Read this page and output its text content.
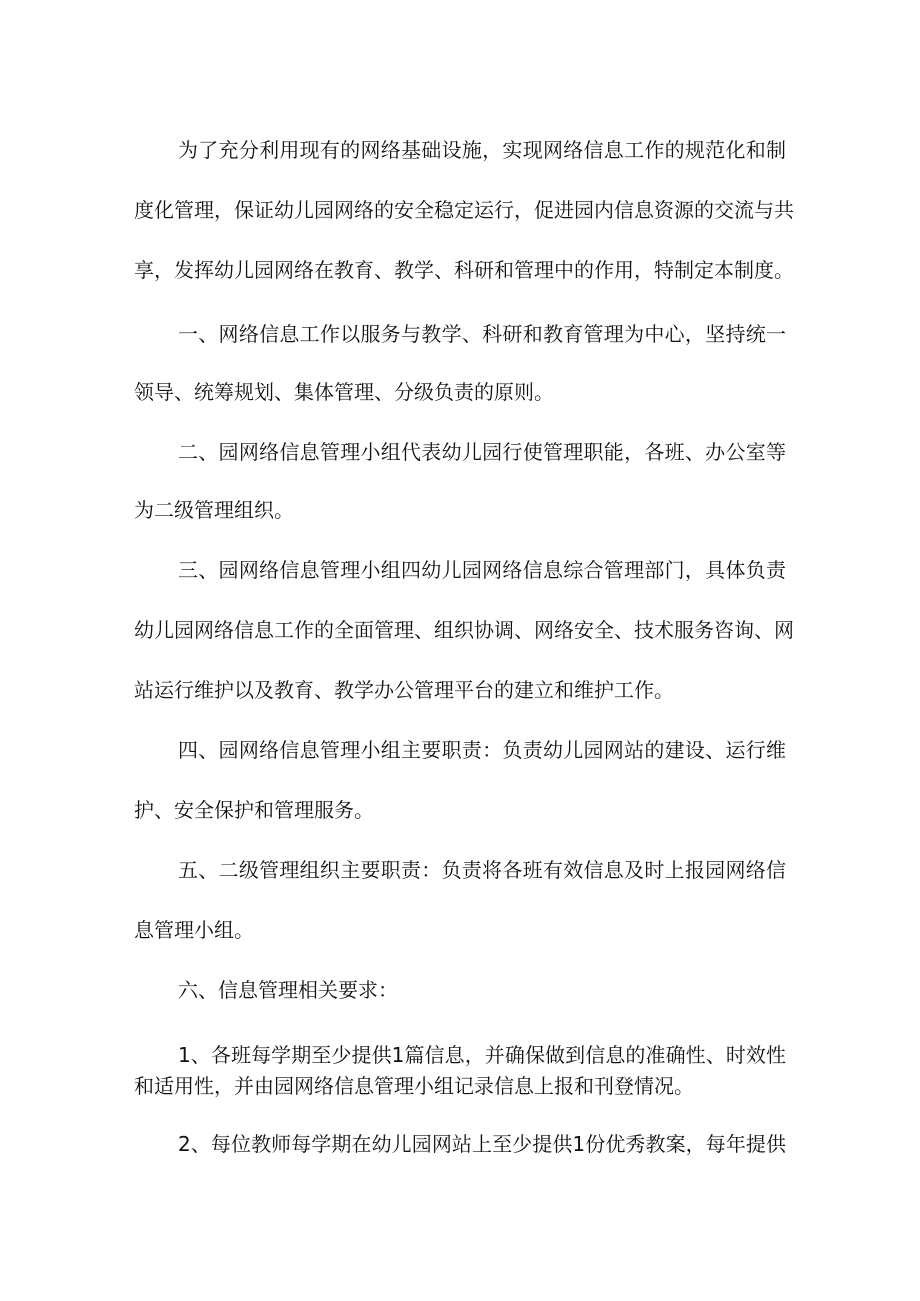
为了充分利用现有的网络基础设施，实现网络信息工作的规范化和制

度化管理，保证幼儿园网络的安全稳定运行，促进园内信息资源的交流与共

享，发挥幼儿园网络在教育、教学、科研和管理中的作用，特制定本制度。

一、网络信息工作以服务与教学、科研和教育管理为中心，坚持统一

领导、统筹规划、集体管理、分级负责的原则。

二、园网络信息管理小组代表幼儿园行使管理职能，各班、办公室等

为二级管理组织。

三、园网络信息管理小组四幼儿园网络信息综合管理部门，具体负责

幼儿园网络信息工作的全面管理、组织协调、网络安全、技术服务咨询、网

站运行维护以及教育、教学办公管理平台的建立和维护工作。

四、园网络信息管理小组主要职责：负责幼儿园网站的建设、运行维

护、安全保护和管理服务。

五、二级管理组织主要职责：负责将各班有效信息及时上报园网络信

息管理小组。

六、信息管理相关要求：

1、各班每学期至少提供1篇信息，并确保做到信息的准确性、时效性

和适用性，并由园网络信息管理小组记录信息上报和刊登情况。

2、每位教师每学期在幼儿园网站上至少提供1份优秀教案，每年提供
